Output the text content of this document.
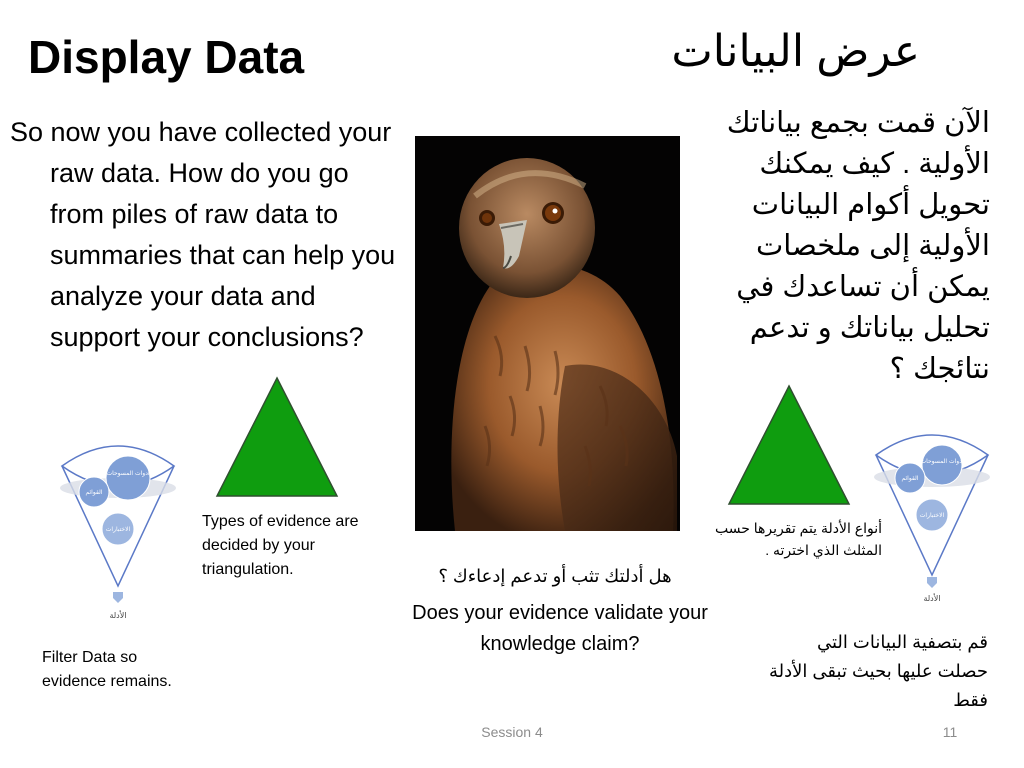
Display Data	عرض البيانات
So now you have collected your raw data. How do you go from piles of raw data to summaries that can help you analyze your data and support your conclusions?
الآن قمت بجمع بياناتك الأولية . كيف يمكنك تحويل أكوام البيانات الأولية إلى ملخصات يمكن أن تساعدك في تحليل بياناتك و تدعم نتائجك ؟
Types of evidence are decided by your triangulation.
أنواع الأدلة يتم تقريرها حسب المثلث الذي اخترته .
هل أدلتك تثب أو تدعم إدعاءك ؟
Does your evidence validate your knowledge claim?
Filter Data so evidence remains.
قم بتصفية البيانات التي حصلت عليها بحيث تبقى الأدلة فقط
أدوات المسوحات
القوائم
الاختبارات
الأدلة
أدوات المسوحات
القوائم
الاختبارات
الأدلة
Session 4	11
